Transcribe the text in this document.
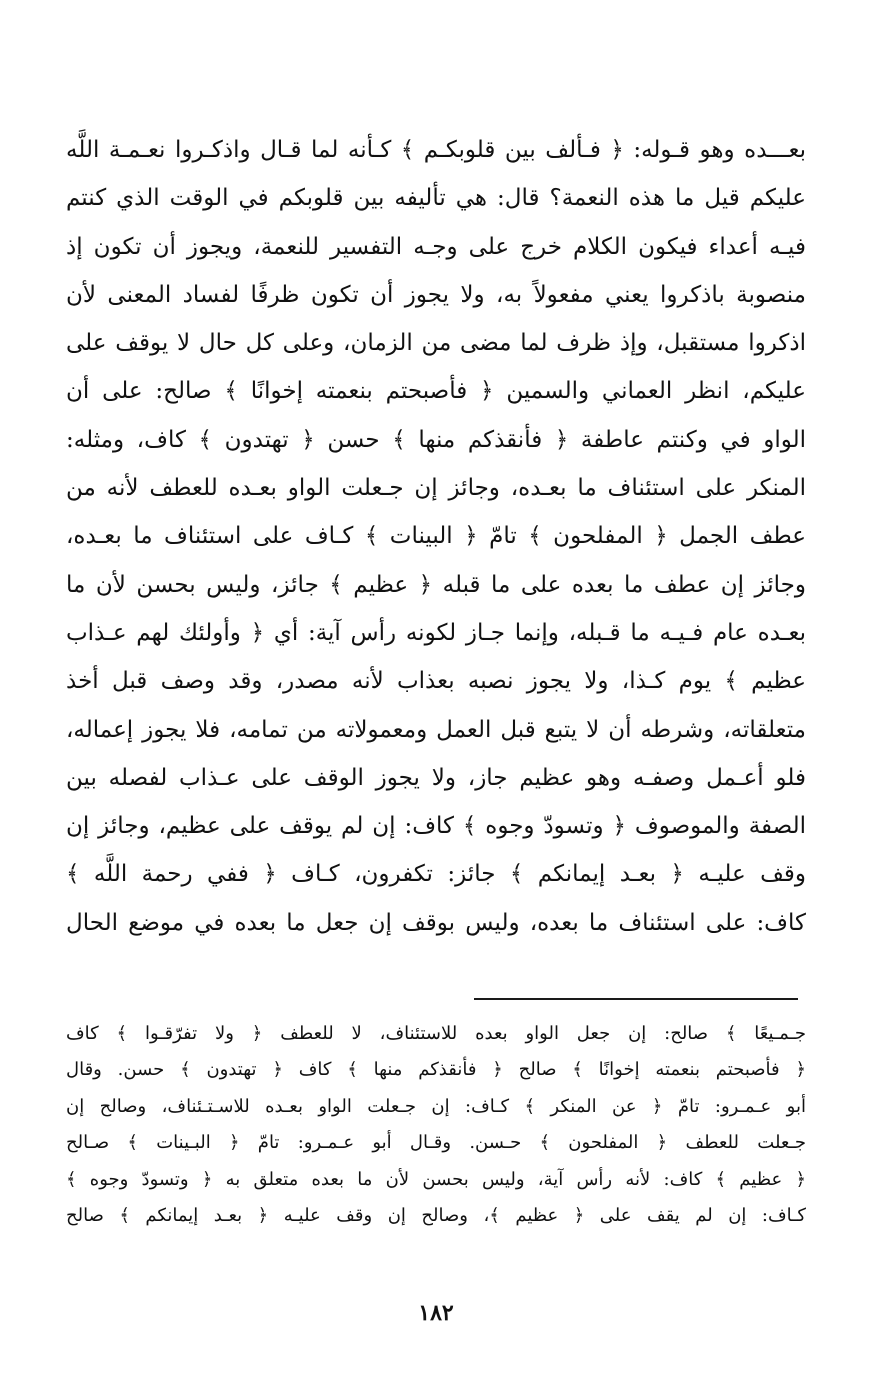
بعـــده وهو قـوله: ﴿ فـألف بين قلوبكـم ﴾ كـأنه لما قـال واذكـروا نعـمـة اللَّه
عليكم قيل ما هذه النعمة؟ قال: هي تأليفه بين قلوبكم في الوقت الذي كنتم
فيـه أعداء فيكون الكلام خرج على وجـه التفسير للنعمة، ويجوز أن تكون إذ
منصوبة باذكروا يعني مفعولاً به، ولا يجوز أن تكون ظرفًا لفساد المعنى لأن
اذكروا مستقبل، وإذ ظرف لما مضى من الزمان، وعلى كل حال لا يوقف على
عليكم، انظر العماني والسمين ﴿ فأصبحتم بنعمته إخوانًا ﴾ صالح: على أن
الواو في وكنتم عاطفة ﴿ فأنقذكم منها ﴾ حسن ﴿ تهتدون ﴾ كاف، ومثله:
المنكر على استئناف ما بعـده، وجائز إن جـعلت الواو بعـده للعطف لأنه من
عطف الجمل ﴿ المفلحون ﴾ تامّ ﴿ البينات ﴾ كـاف على استئناف ما بعـده،
وجائز إن عطف ما بعده على ما قبله ﴿ عظيم ﴾ جائز، وليس بحسن لأن ما
بعـده عام فـيـه ما قـبله، وإنما جـاز لكونه رأس آية: أي ﴿ وأولئك لهم عـذاب
عظيم ﴾ يوم كـذا، ولا يجوز نصبه بعذاب لأنه مصدر، وقد وصف قبل أخذ
متعلقاته، وشرطه أن لا يتبع قبل العمل ومعمولاته من تمامه، فلا يجوز إعماله،
فلو أعـمل وصفـه وهو عظيم جاز، ولا يجوز الوقف على عـذاب لفصله بين
الصفة والموصوف ﴿ وتسودّ وجوه ﴾ كاف: إن لم يوقف على عظيم، وجائز إن
وقف عليـه ﴿ بعـد إيمانكم ﴾ جائز: تكفرون، كـاف ﴿ ففي رحمة اللَّه ﴾
كاف: على استئناف ما بعده، وليس بوقف إن جعل ما بعده في موضع الحال
جـمـيعًا ﴾ صالح: إن جعل الواو بعده للاستئناف، لا للعطف ﴿ ولا تفرّقـوا ﴾ كاف
﴿ فأصبحتم بنعمته إخوانًا ﴾ صالح ﴿ فأنقذكم منها ﴾ كاف ﴿ تهتدون ﴾ حسن. وقال
أبو عـمـرو: تامّ ﴿ عن المنكر ﴾ كـاف: إن جـعلت الواو بعـده للاسـتـئناف، وصالح إن
جـعلت للعطف ﴿ المفلحون ﴾ حـسن. وقـال أبو عـمـرو: تامّ ﴿ البـينات ﴾ صـالح
﴿ عظيم ﴾ كاف: لأنه رأس آية، وليس بحسن لأن ما بعده متعلق به ﴿ وتسودّ وجوه ﴾
كـاف: إن لم يقف على ﴿ عظيم ﴾، وصالح إن وقف عليـه ﴿ بعـد إيمانكم ﴾ صالح
١٨٢
